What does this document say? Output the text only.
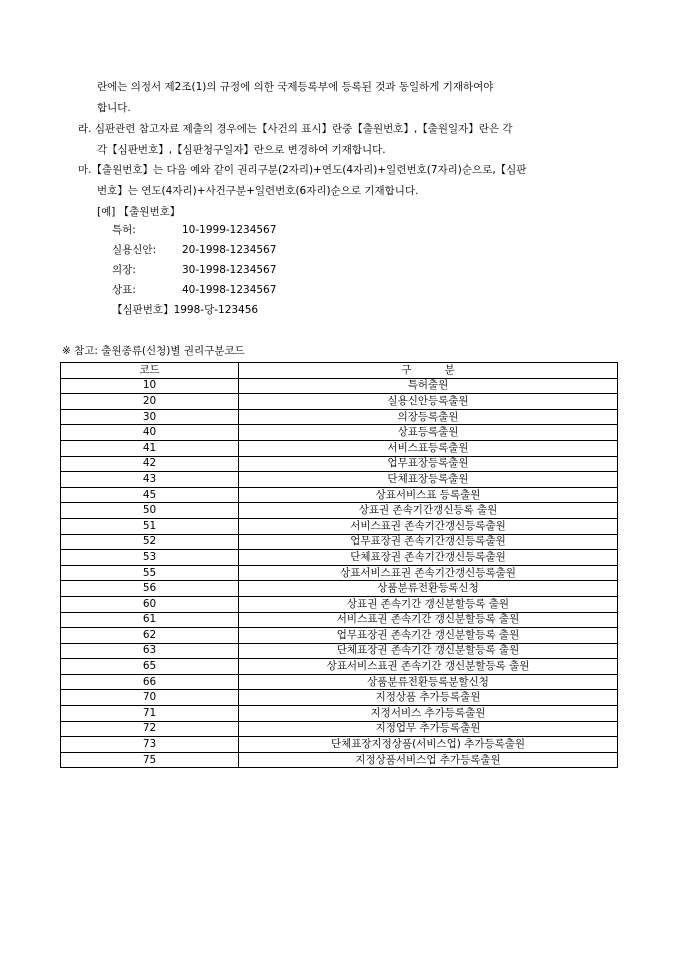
란에는 의정서 제2조(1)의 규정에 의한 국제등록부에 등록된 것과 동일하게 기재하여야
합니다.
라. 심판관련 참고자료 제출의 경우에는【사건의 표시】란중【출원번호】,【출원일자】란은 각
각【심판번호】,【심판청구일자】란으로 변경하여 기재합니다.
마.【출원번호】는 다음 예와 같이 권리구분(2자리)+연도(4자리)+일련번호(7자리)순으로,【심판
번호】는 연도(4자리)+사건구분+일련번호(6자리)순으로 기재합니다.
[예] 【출원번호】
특허:	10-1999-1234567
실용신안: 20-1998-1234567
의장:	30-1998-1234567
상표:	40-1998-1234567
【심판번호】1998-당-123456
※ 참고: 출원종류(신청)별 권리구분코드
코드	구          분
10	특허출원
20	실용신안등록출원
30	의장등록출원
40	상표등록출원
41	서비스표등록출원
42	업무표장등록출원
43	단체표장등록출원
45	상표서비스표 등록출원
50	상표권 존속기간갱신등록 출원
51	서비스표권 존속기간갱신등록출원
52	업무표장권 존속기간갱신등록출원
53	단체표장권 존속기간갱신등록출원
55	상표서비스표권 존속기간갱신등록출원
56	상품분류전환등록신청
60	상표권 존속기간 갱신분할등록 출원
61	서비스표권 존속기간 갱신분할등록 출원
62	업무표장권 존속기간 갱신분할등록 출원
63	단체표장권 존속기간 갱신분할등록 출원
65	상표서비스표권 존속기간 갱신분할등록 출원
66	상품분류전환등록분할신청
70	지정상품 추가등록출원
71	지정서비스 추가등록출원
72	지정업무 추가등록출원
73	단체표장지정상품(서비스업) 추가등록출원
75	지정상품서비스업 추가등록출원
